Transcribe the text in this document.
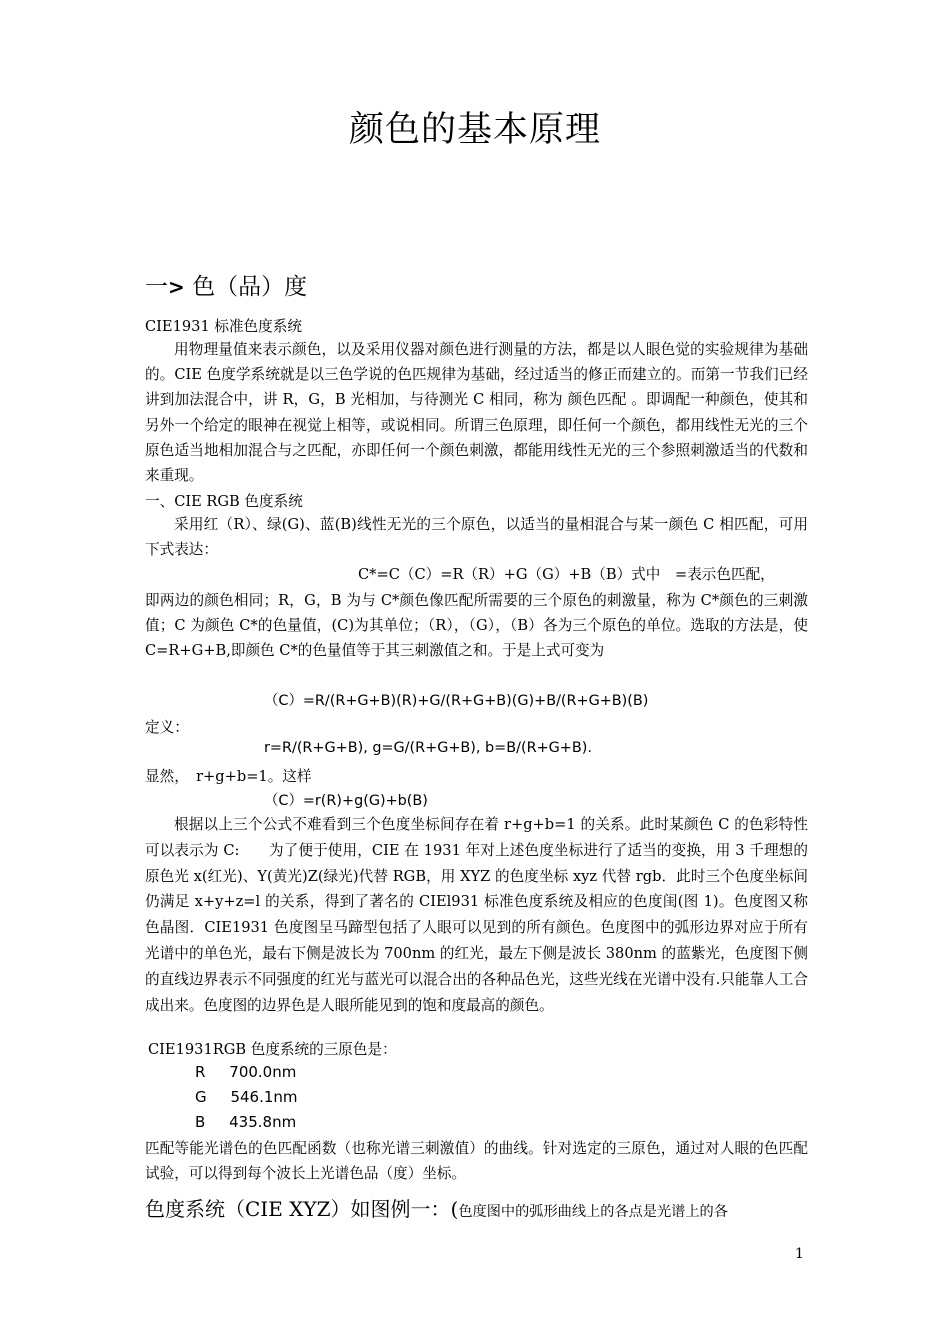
颜色的基本原理
一> 色（品）度
CIE1931 标准色度系统
用物理量值来表示颜色，以及采用仪器对颜色进行测量的方法，都是以人眼色觉的实验规律为基础的。CIE 色度学系统就是以三色学说的色匹规律为基础，经过适当的修正而建立的。而第一节我们已经讲到加法混合中，讲 R，G，B 光相加，与待测光 C 相同，称为 颜色匹配 。即调配一种颜色，使其和另外一个给定的眼神在视觉上相等，或说相同。所谓三色原理，即任何一个颜色，都用线性无光的三个原色适当地相加混合与之匹配，亦即任何一个颜色刺激，都能用线性无光的三个参照刺激适当的代数和来重现。
一、CIE RGB 色度系统
采用红（R）、绿(G)、蓝(B)线性无光的三个原色，以适当的量相混合与某一颜色 C 相匹配，可用下式表达：
C*=C（C）=R（R）+G（G）+B（B）式中　=表示色匹配，
即两边的颜色相同；R，G，B 为与 C*颜色像匹配所需要的三个原色的刺激量，称为 C*颜色的三刺激值；C 为颜色 C*的色量值，(C)为其单位；（R），（G），（B）各为三个原色的单位。选取的方法是，使 C=R+G+B,即颜色 C*的色量值等于其三刺激值之和。于是上式可变为
（C）=R/(R+G+B)(R)+G/(R+G+B)(G)+B/(R+G+B)(B)
定义：
r=R/(R+G+B), g=G/(R+G+B), b=B/(R+G+B).
显然，　r+g+b=1。这样
（C）=r(R)+g(G)+b(B)
根据以上三个公式不难看到三个色度坐标间存在着 r+g+b=1 的关系。此时某颜色 C 的色彩特性可以表示为 C:　　为了便于使用，CIE 在 1931 年对上述色度坐标进行了适当的变换，用 3 千理想的原色光 x(红光)、Y(黄光)Z(绿光)代替 RGB，用 XYZ 的色度坐标 xyz 代替 rgb．此时三个色度坐标间仍满足 x+y+z=l 的关系，得到了著名的 CIEl931 标准色度系统及相应的色度闺(图 1)。色度图又称色晶图．CIE1931 色度图呈马蹄型包括了人眼可以见到的所有颜色。色度图中的弧形边界对应于所有光谱中的单色光，最右下侧是波长为 700nm 的红光，最左下侧是波长 380nm 的蓝紫光，色度图下侧的直线边界表示不同强度的红光与蓝光可以混合出的各种品色光，这些光线在光谱中没有.只能靠人工合成出来。色度图的边界色是人眼所能见到的饱和度最高的颜色。
CIE1931RGB 色度系统的三原色是：
R 700.0nm
G 546.1nm
B 435.8nm
匹配等能光谱色的色匹配函数（也称光谱三刺激值）的曲线。针对选定的三原色，通过对人眼的色匹配试验，可以得到每个波长上光谱色品（度）坐标。
色度系统（CIE XYZ）如图例一：(色度图中的弧形曲线上的各点是光谱上的各
1
